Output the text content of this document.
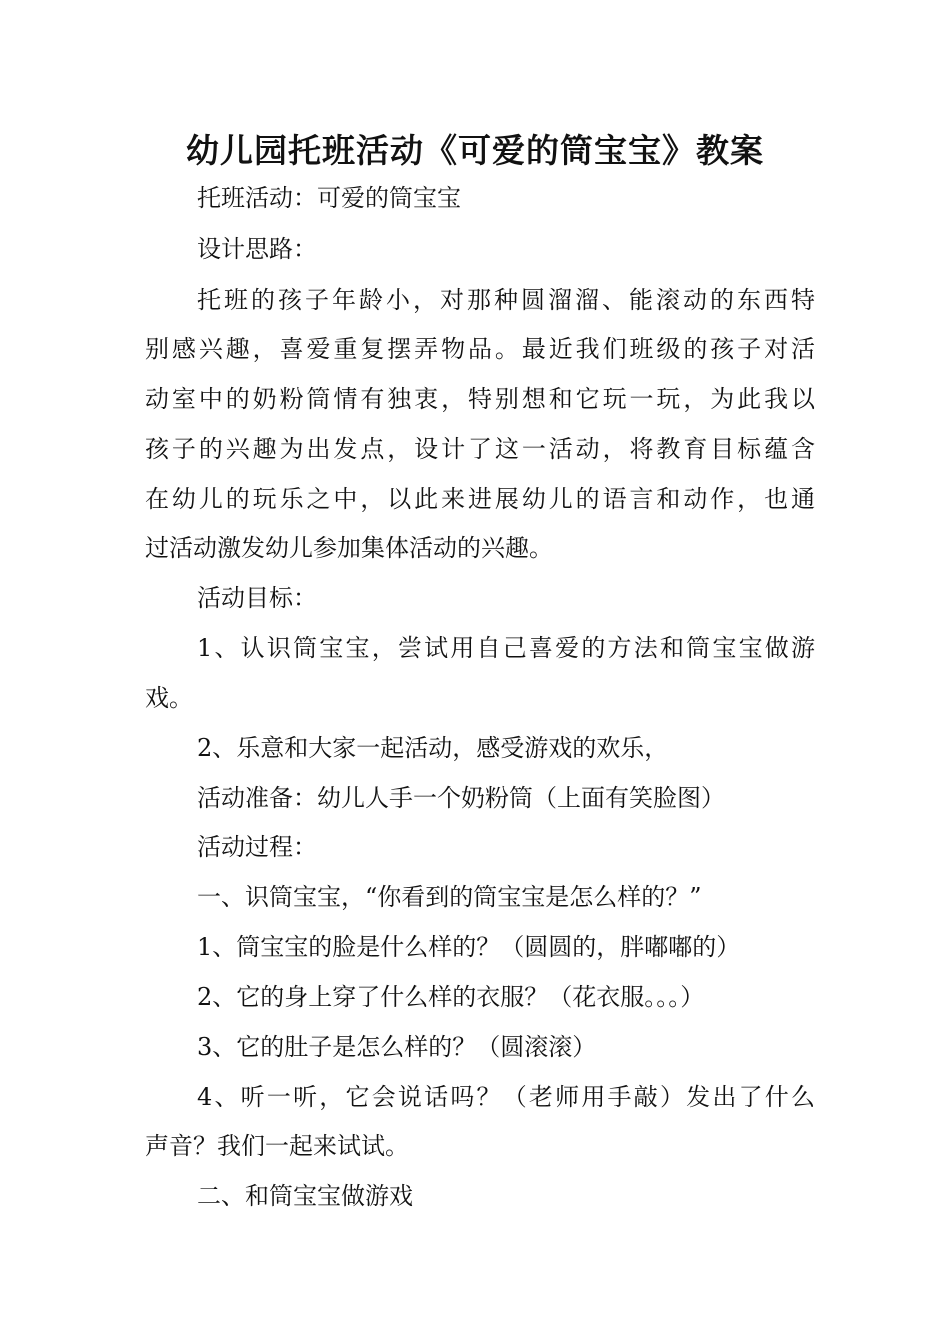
幼儿园托班活动《可爱的筒宝宝》教案
托班活动：可爱的筒宝宝
设计思路：
托班的孩子年龄小，对那种圆溜溜、能滚动的东西特
别感兴趣，喜爱重复摆弄物品。最近我们班级的孩子对活
动室中的奶粉筒情有独衷，特别想和它玩一玩，为此我以
孩子的兴趣为出发点，设计了这一活动，将教育目标蕴含
在幼儿的玩乐之中，以此来进展幼儿的语言和动作，也通
过活动激发幼儿参加集体活动的兴趣。
活动目标：
1、认识筒宝宝，尝试用自己喜爱的方法和筒宝宝做游
戏。
2、乐意和大家一起活动，感受游戏的欢乐，
活动准备：幼儿人手一个奶粉筒（上面有笑脸图）
活动过程：
一、识筒宝宝，“你看到的筒宝宝是怎么样的？”
1、筒宝宝的脸是什么样的？（圆圆的，胖嘟嘟的）
2、它的身上穿了什么样的衣服？（花衣服。。。）
3、它的肚子是怎么样的？（圆滚滚）
4、听一听，它会说话吗？（老师用手敲）发出了什么
声音？我们一起来试试。
二、和筒宝宝做游戏
